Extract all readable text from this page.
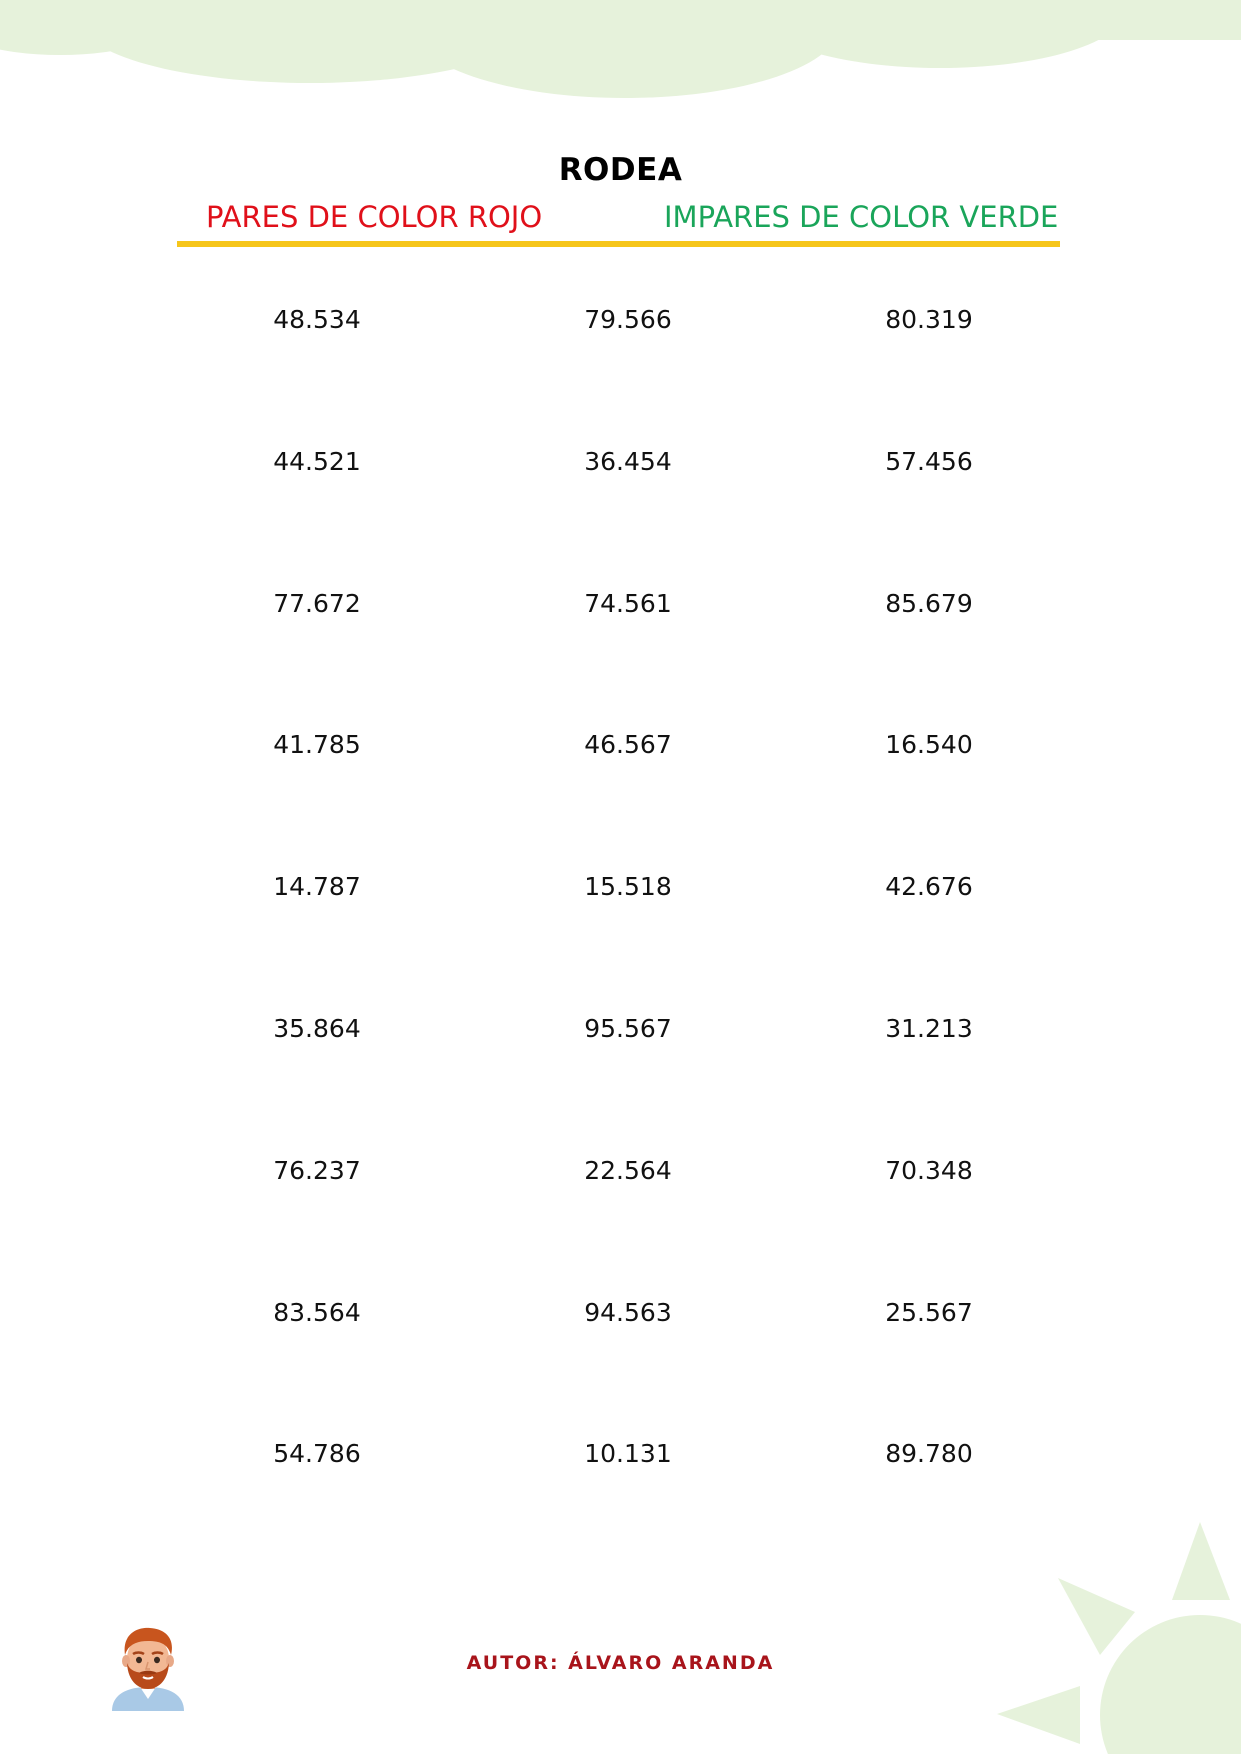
RODEA
PARES DE COLOR ROJO	IMPARES DE COLOR VERDE
48.534	79.566	80.319
44.521	36.454	57.456
77.672	74.561	85.679
41.785	46.567	16.540
14.787	15.518	42.676
35.864	95.567	31.213
76.237	22.564	70.348
83.564	94.563	25.567
54.786	10.131	89.780
AUTOR: ÁLVARO ARANDA
